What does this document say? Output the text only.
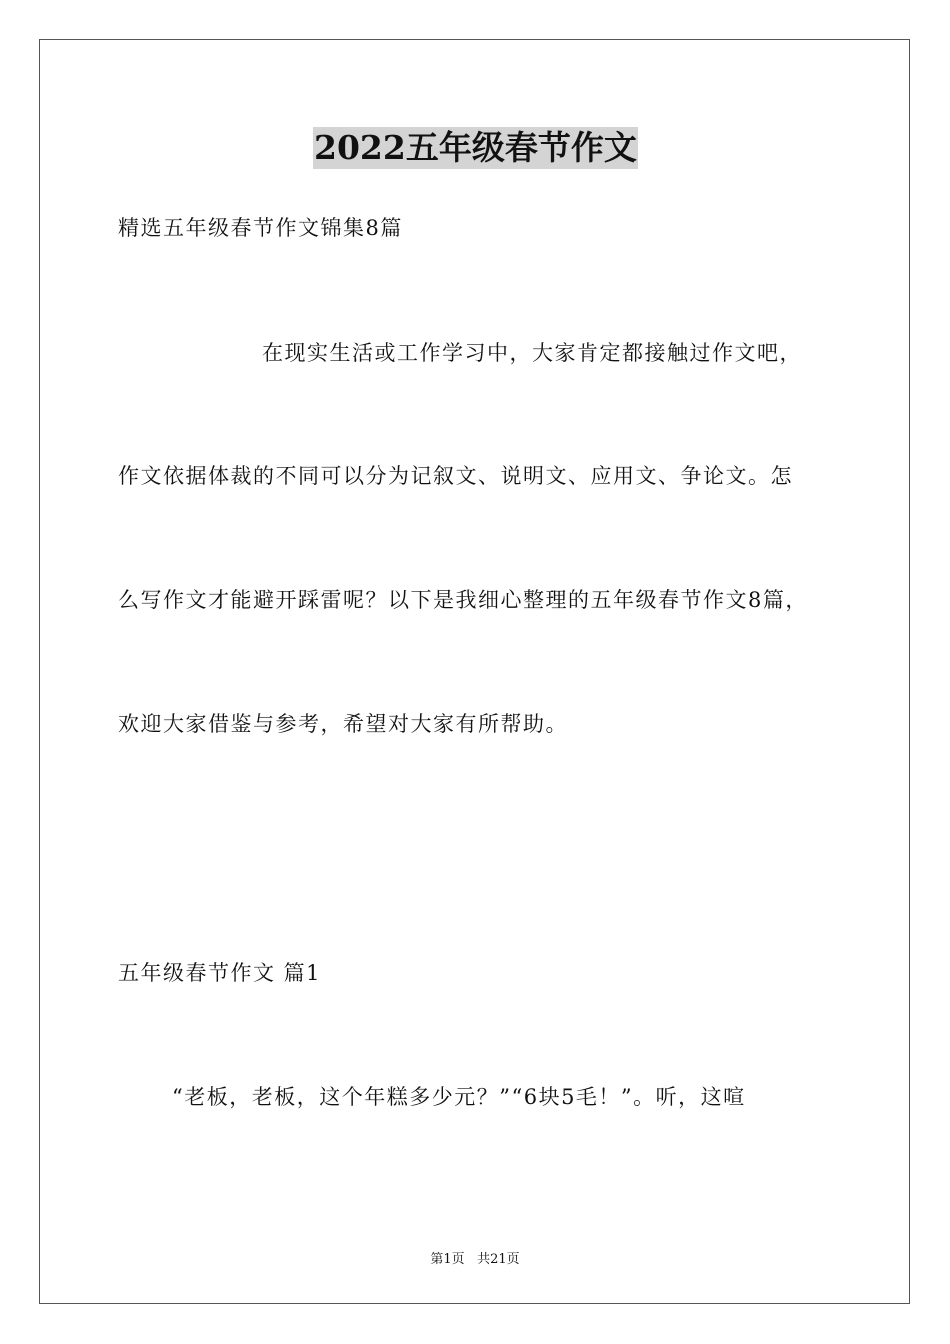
2022五年级春节作文
精选五年级春节作文锦集8篇
在现实生活或工作学习中，大家肯定都接触过作文吧，
作文依据体裁的不同可以分为记叙文、说明文、应用文、争论文。怎
么写作文才能避开踩雷呢？以下是我细心整理的五年级春节作文8篇，
欢迎大家借鉴与参考，希望对大家有所帮助。
五年级春节作文 篇1
“老板，老板，这个年糕多少元？”“6块5毛！”。听，这喧
第1页 共21页
